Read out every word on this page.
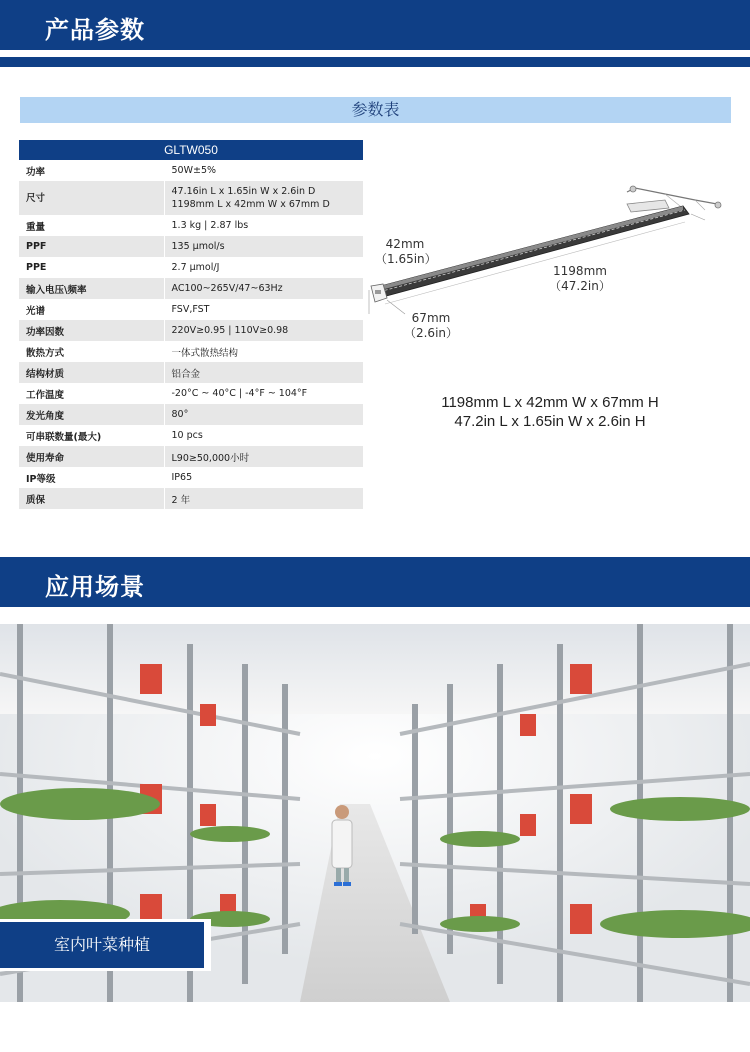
产品参数
参数表
GLTW050	
功率	50W±5%

尺寸	47.16in L x 1.65in W x 2.6in D
1198mm L x 42mm W x 67mm D

重量	1.3 kg | 2.87 lbs

PPF	135 μmol/s

PPE	2.7 μmol/J

输入电压\频率	AC100~265V/47~63Hz

光谱	FSV,FST

功率因数	220V≥0.95 | 110V≥0.98

散热方式	一体式散热结构

结构材质	铝合金

工作温度	-20°C ~ 40°C | -4°F ~ 104°F

发光角度	80°

可串联数量(最大)	10 pcs

使用寿命	L90≥50,000小时

IP等级	IP65

质保	2 年
42mm
（1.65in）
1198mm
（47.2in）
67mm
（2.6in）
1198mm L x 42mm W x 67mm H
47.2in L x 1.65in W x 2.6in H
应用场景
室内叶菜种植
